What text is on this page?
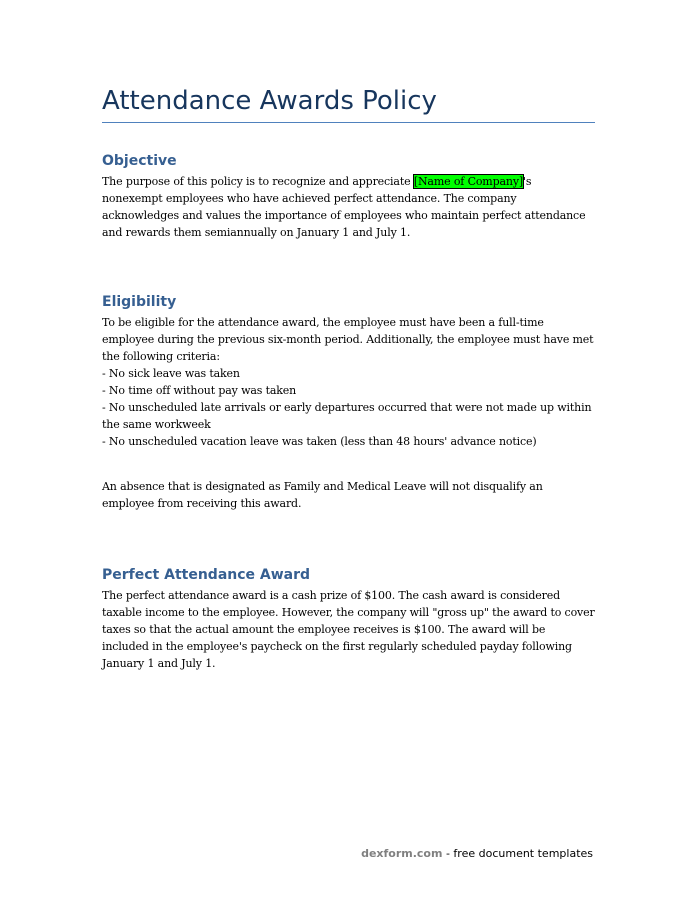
Attendance Awards Policy
Objective

The purpose of this policy is to recognize and appreciate [Name of Company]'s nonexempt employees who have achieved perfect attendance. The company acknowledges and values the importance of employees who maintain perfect attendance and rewards them semiannually on January 1 and July 1.

Eligibility

To be eligible for the attendance award, the employee must have been a full-time employee during the previous six-month period. Additionally, the employee must have met the following criteria:

- No sick leave was taken
- No time off without pay was taken
- No unscheduled late arrivals or early departures occurred that were not made up within the same workweek
- No unscheduled vacation leave was taken (less than 48 hours' advance notice)

An absence that is designated as Family and Medical Leave will not disqualify an employee from receiving this award.

Perfect Attendance Award

The perfect attendance award is a cash prize of $100. The cash award is considered taxable income to the employee. However, the company will "gross up" the award to cover taxes so that the actual amount the employee receives is $100. The award will be included in the employee's paycheck on the first regularly scheduled payday following January 1 and July 1.

dexform.com - free document templates
